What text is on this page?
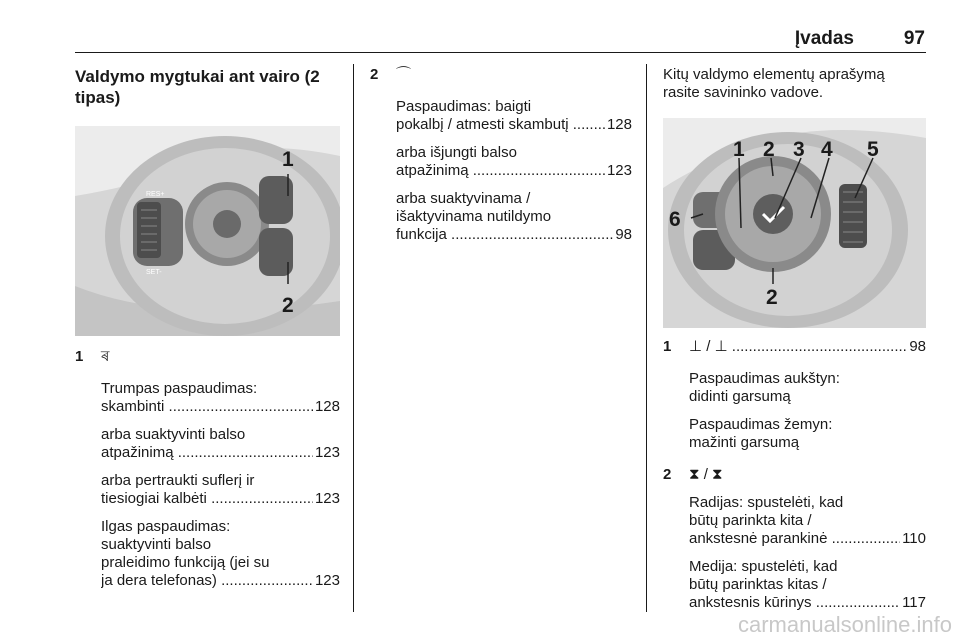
Įvadas	97
Valdymo mygtukai ant vairo (2
tipas)
1
2
RES+
SET-
1 ৰ
Trumpas paspaudimas:
skambinti .....	128
arba suaktyvinti balso
atpažinimą .....	123
arba pertraukti suflerį ir
tiesiogiai kalbėti .....	123
Ilgas paspaudimas:
suaktyvinti balso
praleidimo funkciją (jei su
ja dera telefonas) .....	123
2 ⌒
Paspaudimas: baigti
pokalbį / atmesti skambutį .....	128
arba išjungti balso
atpažinimą .....	123
arba suaktyvinama /
išaktyvinama nutildymo
funkcija .....	98
Kitų valdymo elementų aprašymą
rasite savininko vadove.
1 2 3 4 5
6
2
1	⊥ / ⊥ .....	98
Paspaudimas aukštyn:
didinti garsumą
Paspaudimas žemyn:
mažinti garsumą
2 ⧗ / ⧗
Radijas: spustelėti, kad
būtų parinkta kita /
ankstesnė parankinė .....	110
Medija: spustelėti, kad
būtų parinktas kitas /
ankstesnis kūrinys .....	117
carmanualsonline.info
